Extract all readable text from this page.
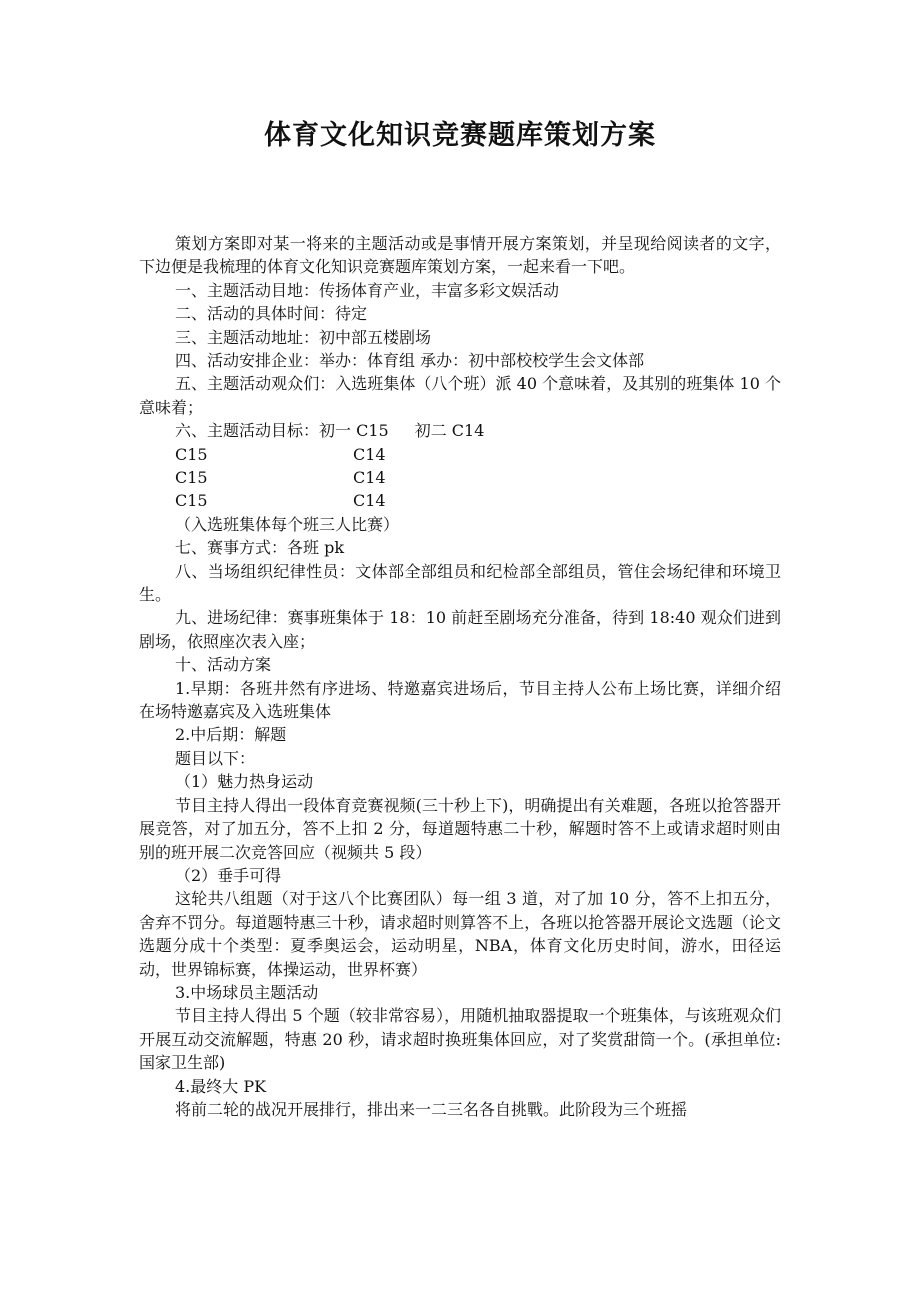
体育文化知识竞赛题库策划方案

策划方案即对某一将来的主题活动或是事情开展方案策划，并呈现给阅读者的文字，下边便是我梳理的体育文化知识竞赛题库策划方案，一起来看一下吧。

一、主题活动目地：传扬体育产业，丰富多彩文娱活动

二、活动的具体时间：待定

三、主题活动地址：初中部五楼剧场

四、活动安排企业：举办：体育组 承办：初中部校校学生会文体部

五、主题活动观众们：入选班集体（八个班）派 40 个意味着，及其别的班集体 10 个意味着；

六、主题活动目标：初一 C15 初二 C14

C15	C14
C15	C14
C15	C14

（入选班集体每个班三人比赛）

七、赛事方式：各班 pk

八、当场组织纪律性员：文体部全部组员和纪检部全部组员，管住会场纪律和环境卫生。

九、进场纪律：赛事班集体于 18：10 前赶至剧场充分准备，待到 18:40 观众们进到剧场，依照座次表入座；

十、活动方案

1.早期：各班井然有序进场、特邀嘉宾进场后，节目主持人公布上场比赛，详细介绍在场特邀嘉宾及入选班集体

2.中后期：解题

题目以下：

（1）魅力热身运动

节目主持人得出一段体育竞赛视频(三十秒上下)，明确提出有关难题，各班以抢答器开展竞答，对了加五分，答不上扣 2 分，每道题特惠二十秒，解题时答不上或请求超时则由别的班开展二次竞答回应（视频共 5 段）

（2）垂手可得

这轮共八组题（对于这八个比赛团队）每一组 3 道，对了加 10 分，答不上扣五分，舍弃不罚分。每道题特惠三十秒，请求超时则算答不上，各班以抢答器开展论文选题（论文选题分成十个类型：夏季奥运会，运动明星，NBA，体育文化历史时间，游水，田径运动，世界锦标赛，体操运动，世界杯赛）

3.中场球员主题活动

节目主持人得出 5 个题（较非常容易），用随机抽取器提取一个班集体，与该班观众们开展互动交流解题，特惠 20 秒，请求超时换班集体回应，对了奖赏甜筒一个。(承担单位:国家卫生部)

4.最终大 PK

将前二轮的战况开展排行，排出来一二三名各自挑戰。此阶段为三个班摇
